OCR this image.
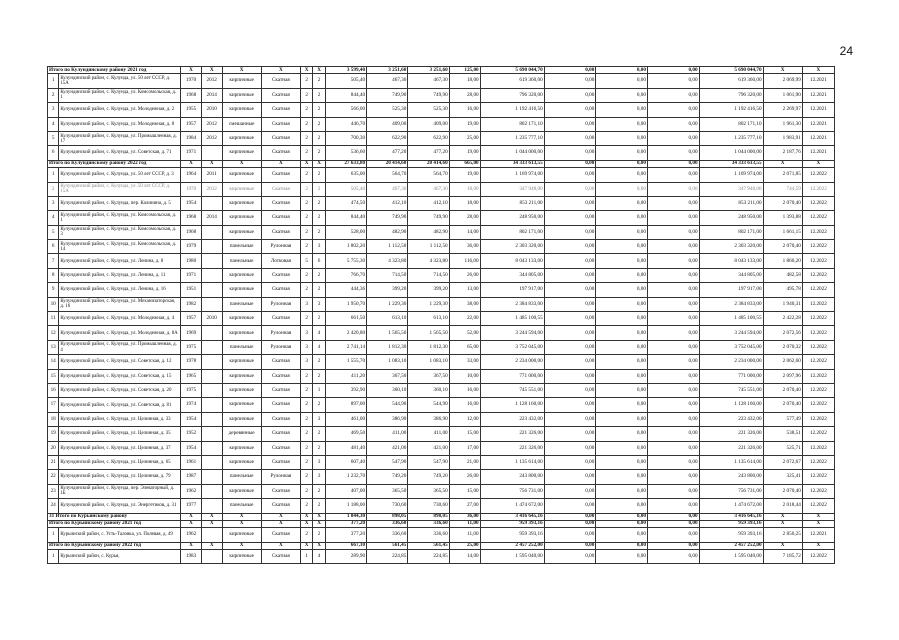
24
Итого по Кулундинскому району 2021 год		X	X	X	X	X	X	3 599,40	3 251,60	3 251,60	125,00	5 690 044,70	0,00	0,00	0,00	5 690 044,70	X	X
1	Кулундинский район, с. Кулунда, ул. 50 лет СССР, д. 15А	1970	2012	кирпичные	Скатная	2	2	505,40	467,30	467,30	18,00	619 360,00	0,00	0,00	0,00	619 360,00	2 069,99	12.2021
2	Кулундинский район, с. Кулунда, ул. Комсомольская, д. 1	1968	2014	кирпичные	Скатная	2	2	844,40	749,90	749,90	28,00	796 320,00	0,00	0,00	0,00	796 320,00	1 061,90	12.2021
3	Кулундинский район, с. Кулунда, ул. Молодежная, д. 2	1955	2010	кирпичные	Скатная	2	2	566,00	525,30	525,30	16,00	1 192 416,50	0,00	0,00	0,00	1 192 416,50	2 269,97	12.2021
4	Кулундинский район, с. Кулунда, ул. Молодежная, д. 8	1957	2012	смешанные	Скатная	2	2	446,70	409,00	409,00	19,00	802 171,10	0,00	0,00	0,00	802 171,10	1 961,30	12.2021
5	Кулундинский район, с. Кулунда, ул. Промышленная, д. 17	1984	2012	кирпичные	Скатная	2	2	700,30	622,90	622,90	25,00	1 235 777,10	0,00	0,00	0,00	1 235 777,10	1 983,91	12.2021
6	Кулундинский район, с. Кулунда, ул. Советская, д. 71	1971		кирпичные	Скатная	2	2	536,60	477,20	477,20	19,00	1 044 000,00	0,00	0,00	0,00	1 044 000,00	2 187,76	12.2021
Итого по Кулундинскому району 2022 год		X	X	X	X	X	X	27 633,80	20 414,60	20 414,60	665,00	34 333 613,55	0,00	0,00	0,00	34 333 613,55	X	X
1	Кулундинский район, с. Кулунда, ул. 50 лет СССР, д. 3	1964	2011	кирпичные	Скатная	2	2	635,00	564,70	564,70	19,00	1 169 974,00	0,00	0,00	0,00	1 169 974,00	2 071,85	12.2022
2	Кулундинский район, с. Кулунда, ул. 50 лет СССР, д. 15А	1970	2012	кирпичные	Скатная	2	2	505,40	467,30	467,30	18,00	347 948,00	0,00	0,00	0,00	347 948,00	744,59	12.2022
3	Кулундинский район, с. Кулунда, пер. Калинина, д. 5	1954		кирпичные	Скатная	2	2	474,50	412,10	412,10	18,00	853 211,00	0,00	0,00	0,00	853 211,00	2 070,40	12.2022
4	Кулундинский район, с. Кулунда, ул. Комсомольская, д. 1	1968	2014	кирпичные	Скатная	2	2	844,40	749,90	749,90	28,00	248 950,00	0,00	0,00	0,00	248 950,00	1 393,88	12.2022
5	Кулундинский район, с. Кулунда, ул. Комсомольская, д. 3	1968		кирпичные	Скатная	2	2	528,00	482,90	482,90	14,00	802 171,00	0,00	0,00	0,00	802 171,00	1 661,15	12.2022
6	Кулундинский район, с. Кулунда, ул. Комсомольская, д. 14	1979		панельные	Рулонная	2	3	1 802,20	1 112,50	1 112,50	36,00	2 303 320,00	0,00	0,00	0,00	2 303 320,00	2 070,40	12.2022
7	Кулундинский район, с. Кулунда, ул. Ленина, д. 8	1980		панельные	Лотковая	5	6	5 755,30	4 323,80	4 323,80	116,00	8 043 133,00	0,00	0,00	0,00	8 043 133,00	1 860,20	12.2022
8	Кулундинский район, с. Кулунда, ул. Ленина, д. 11	1971		кирпичные	Скатная	2	2	766,70	714,50	714,50	26,00	344 805,00	0,00	0,00	0,00	344 805,00	482,58	12.2022
9	Кулундинский район, с. Кулунда, ул. Ленина, д. 16	1951		кирпичные	Скатная	2	2	444,36	399,20	399,20	13,00	197 917,00	0,00	0,00	0,00	197 917,00	495,78	12.2022
10	Кулундинский район, с. Кулунда, ул. Механизаторская, д. 16	1982		панельные	Рулонная	3	3	1 950,70	1 229,30	1 229,30	38,00	2 384 833,00	0,00	0,00	0,00	2 384 833,00	1 940,31	12.2022
11	Кулундинский район, с. Кулунда, ул. Молодежная, д. 4	1957	2010	кирпичные	Скатная	2	2	661,50	613,10	613,10	22,00	1 485 100,55	0,00	0,00	0,00	1 485 100,55	2 422,28	12.2022
12	Кулундинский район, с. Кулунда, ул. Молодежная, д. 8А	1969		кирпичные	Рулонная	3	4	2 420,80	1 565,50	1 565,50	52,00	3 244 594,00	0,00	0,00	0,00	3 244 594,00	2 072,56	12.2022
13	Кулундинский район, с. Кулунда, ул. Промышленная, д. 4	1975		панельные	Рулонная	3	4	2 741,14	1 812,30	1 812,30	65,00	3 752 045,00	0,00	0,00	0,00	3 752 045,00	2 070,32	12.2022
14	Кулундинский район, с. Кулунда, ул. Советская, д. 12	1978		кирпичные	Скатная	3	2	1 555,70	1 083,10	1 083,10	33,00	2 234 000,00	0,00	0,00	0,00	2 234 000,00	2 062,60	12.2022
15	Кулундинский район, с. Кулунда, ул. Советская, д. 15	1965		кирпичные	Скатная	2	2	411,20	367,50	367,50	10,00	771 000,00	0,00	0,00	0,00	771 000,00	2 097,96	12.2022
16	Кулундинский район, с. Кулунда, ул. Советская, д. 20	1975		кирпичные	Скатная	2	1	392,90	360,10	360,10	16,00	745 551,00	0,00	0,00	0,00	745 551,00	2 070,40	12.2022
17	Кулундинский район, с. Кулунда, ул. Советская, д. 81	1974		кирпичные	Скатная	2	2	897,00	544,90	544,90	16,00	1 128 160,00	0,00	0,00	0,00	1 128 160,00	2 070,40	12.2022
18	Кулундинский район, с. Кулунда, ул. Целинная, д. 33	1954		кирпичные	Скатная	2	3	461,00	386,90	386,90	12,00	223 432,00	0,00	0,00	0,00	223 432,00	577,49	12.2022
19	Кулундинский район, с. Кулунда, ул. Целинная, д. 35	1952		деревянные	Скатная	2	2	469,50	411,00	411,00	15,00	221 326,00	0,00	0,00	0,00	221 326,00	538,51	12.2022
20	Кулундинский район, с. Кулунда, ул. Целинная, д. 37	1954		кирпичные	Скатная	2	2	481,40	421,00	421,00	17,00	221 326,00	0,00	0,00	0,00	221 326,00	525,71	12.2022
21	Кулундинский район, с. Кулунда, ул. Целинная, д. 65	1961		кирпичные	Скатная	2	3	607,40	547,90	547,90	21,00	1 135 614,00	0,00	0,00	0,00	1 135 614,00	2 072,67	12.2022
22	Кулундинский район, с. Кулунда, ул. Целинная, д. 79	1987		панельные	Рулонная	2	3	1 232,70	749,20	749,20	26,00	243 800,00	0,00	0,00	0,00	243 800,00	325,41	12.2022
23	Кулундинский район, с. Кулунда, пер. Элеваторный, д. 1Б	1962		кирпичные	Скатная	2	2	407,00	365,50	365,50	15,00	756 731,00	0,00	0,00	0,00	756 731,00	2 070,40	12.2022
24	Кулундинский район, с. Кулунда, ул. Энергетиков, д. 31	1977		панельные	Скатная	2	2	1 188,00	730,60	730,60	27,00	1 474 672,00	0,00	0,00	0,00	1 474 672,00	2 018,44	12.2022
31 Итого по Курьинскому району		X	X	X	X	X	X	1 044,30	898,05	898,05	36,00	3 416 645,16	0,00	0,00	0,00	3 416 645,16	X	X
Итого по Курьинскому району 2021 год		X	X	X	X	X	X	377,20	336,60	336,60	11,00	959 393,16	0,00	0,00	0,00	959 393,16	X	X
1	Курьинский район, с. Усть-Таловка, ул. Полевая, д. 49	1962		кирпичные	Скатная	2	2	377,20	336,60	336,60	11,00	959 393,16	0,00	0,00	0,00	959 393,16	2 850,25	12.2021
Итого по Курьинскому району 2022 год		X	X	X	X	X	X	667,10	561,45	561,45	25,00	2 457 252,00	0,00	0,00	0,00	2 457 252,00	X	X
1	Курьинский район, с. Курья,	1983		кирпичные	Скатная	1	4	289,90	224,85	224,85	14,00	1 595 040,00	0,00	0,00	0,00	1 595 040,00	7 185,72	12.2022
